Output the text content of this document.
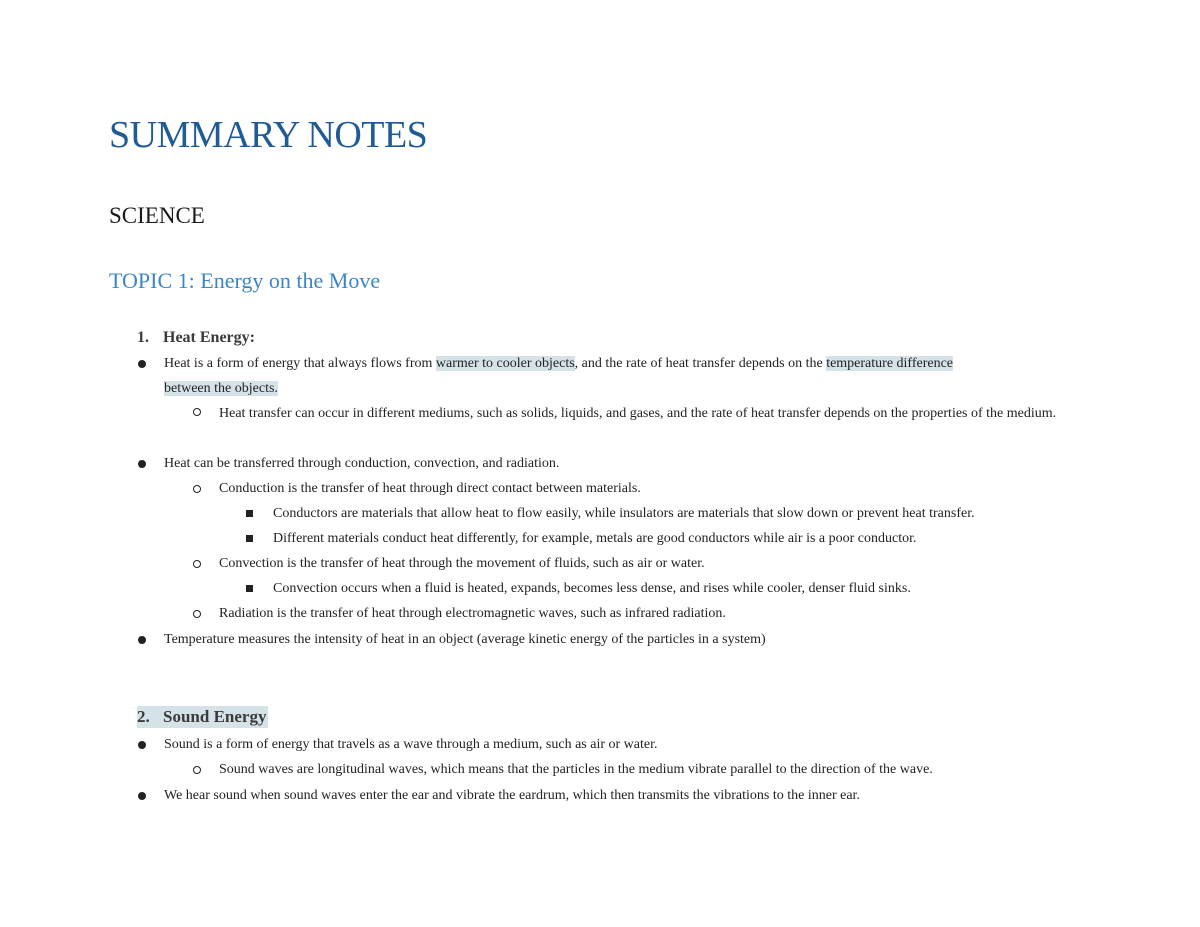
SUMMARY NOTES
SCIENCE
TOPIC 1: Energy on the Move
1. Heat Energy:
Heat is a form of energy that always flows from warmer to cooler objects, and the rate of heat transfer depends on the temperature difference
between the objects.
Heat transfer can occur in different mediums, such as solids, liquids, and gases, and the rate of heat transfer depends on the properties of the medium.
Heat can be transferred through conduction, convection, and radiation.
Conduction is the transfer of heat through direct contact between materials.
Conductors are materials that allow heat to flow easily, while insulators are materials that slow down or prevent heat transfer.
Different materials conduct heat differently, for example, metals are good conductors while air is a poor conductor.
Convection is the transfer of heat through the movement of fluids, such as air or water.
Convection occurs when a fluid is heated, expands, becomes less dense, and rises while cooler, denser fluid sinks.
Radiation is the transfer of heat through electromagnetic waves, such as infrared radiation.
Temperature measures the intensity of heat in an object (average kinetic energy of the particles in a system)
2. Sound Energy
Sound is a form of energy that travels as a wave through a medium, such as air or water.
Sound waves are longitudinal waves, which means that the particles in the medium vibrate parallel to the direction of the wave.
We hear sound when sound waves enter the ear and vibrate the eardrum, which then transmits the vibrations to the inner ear.
